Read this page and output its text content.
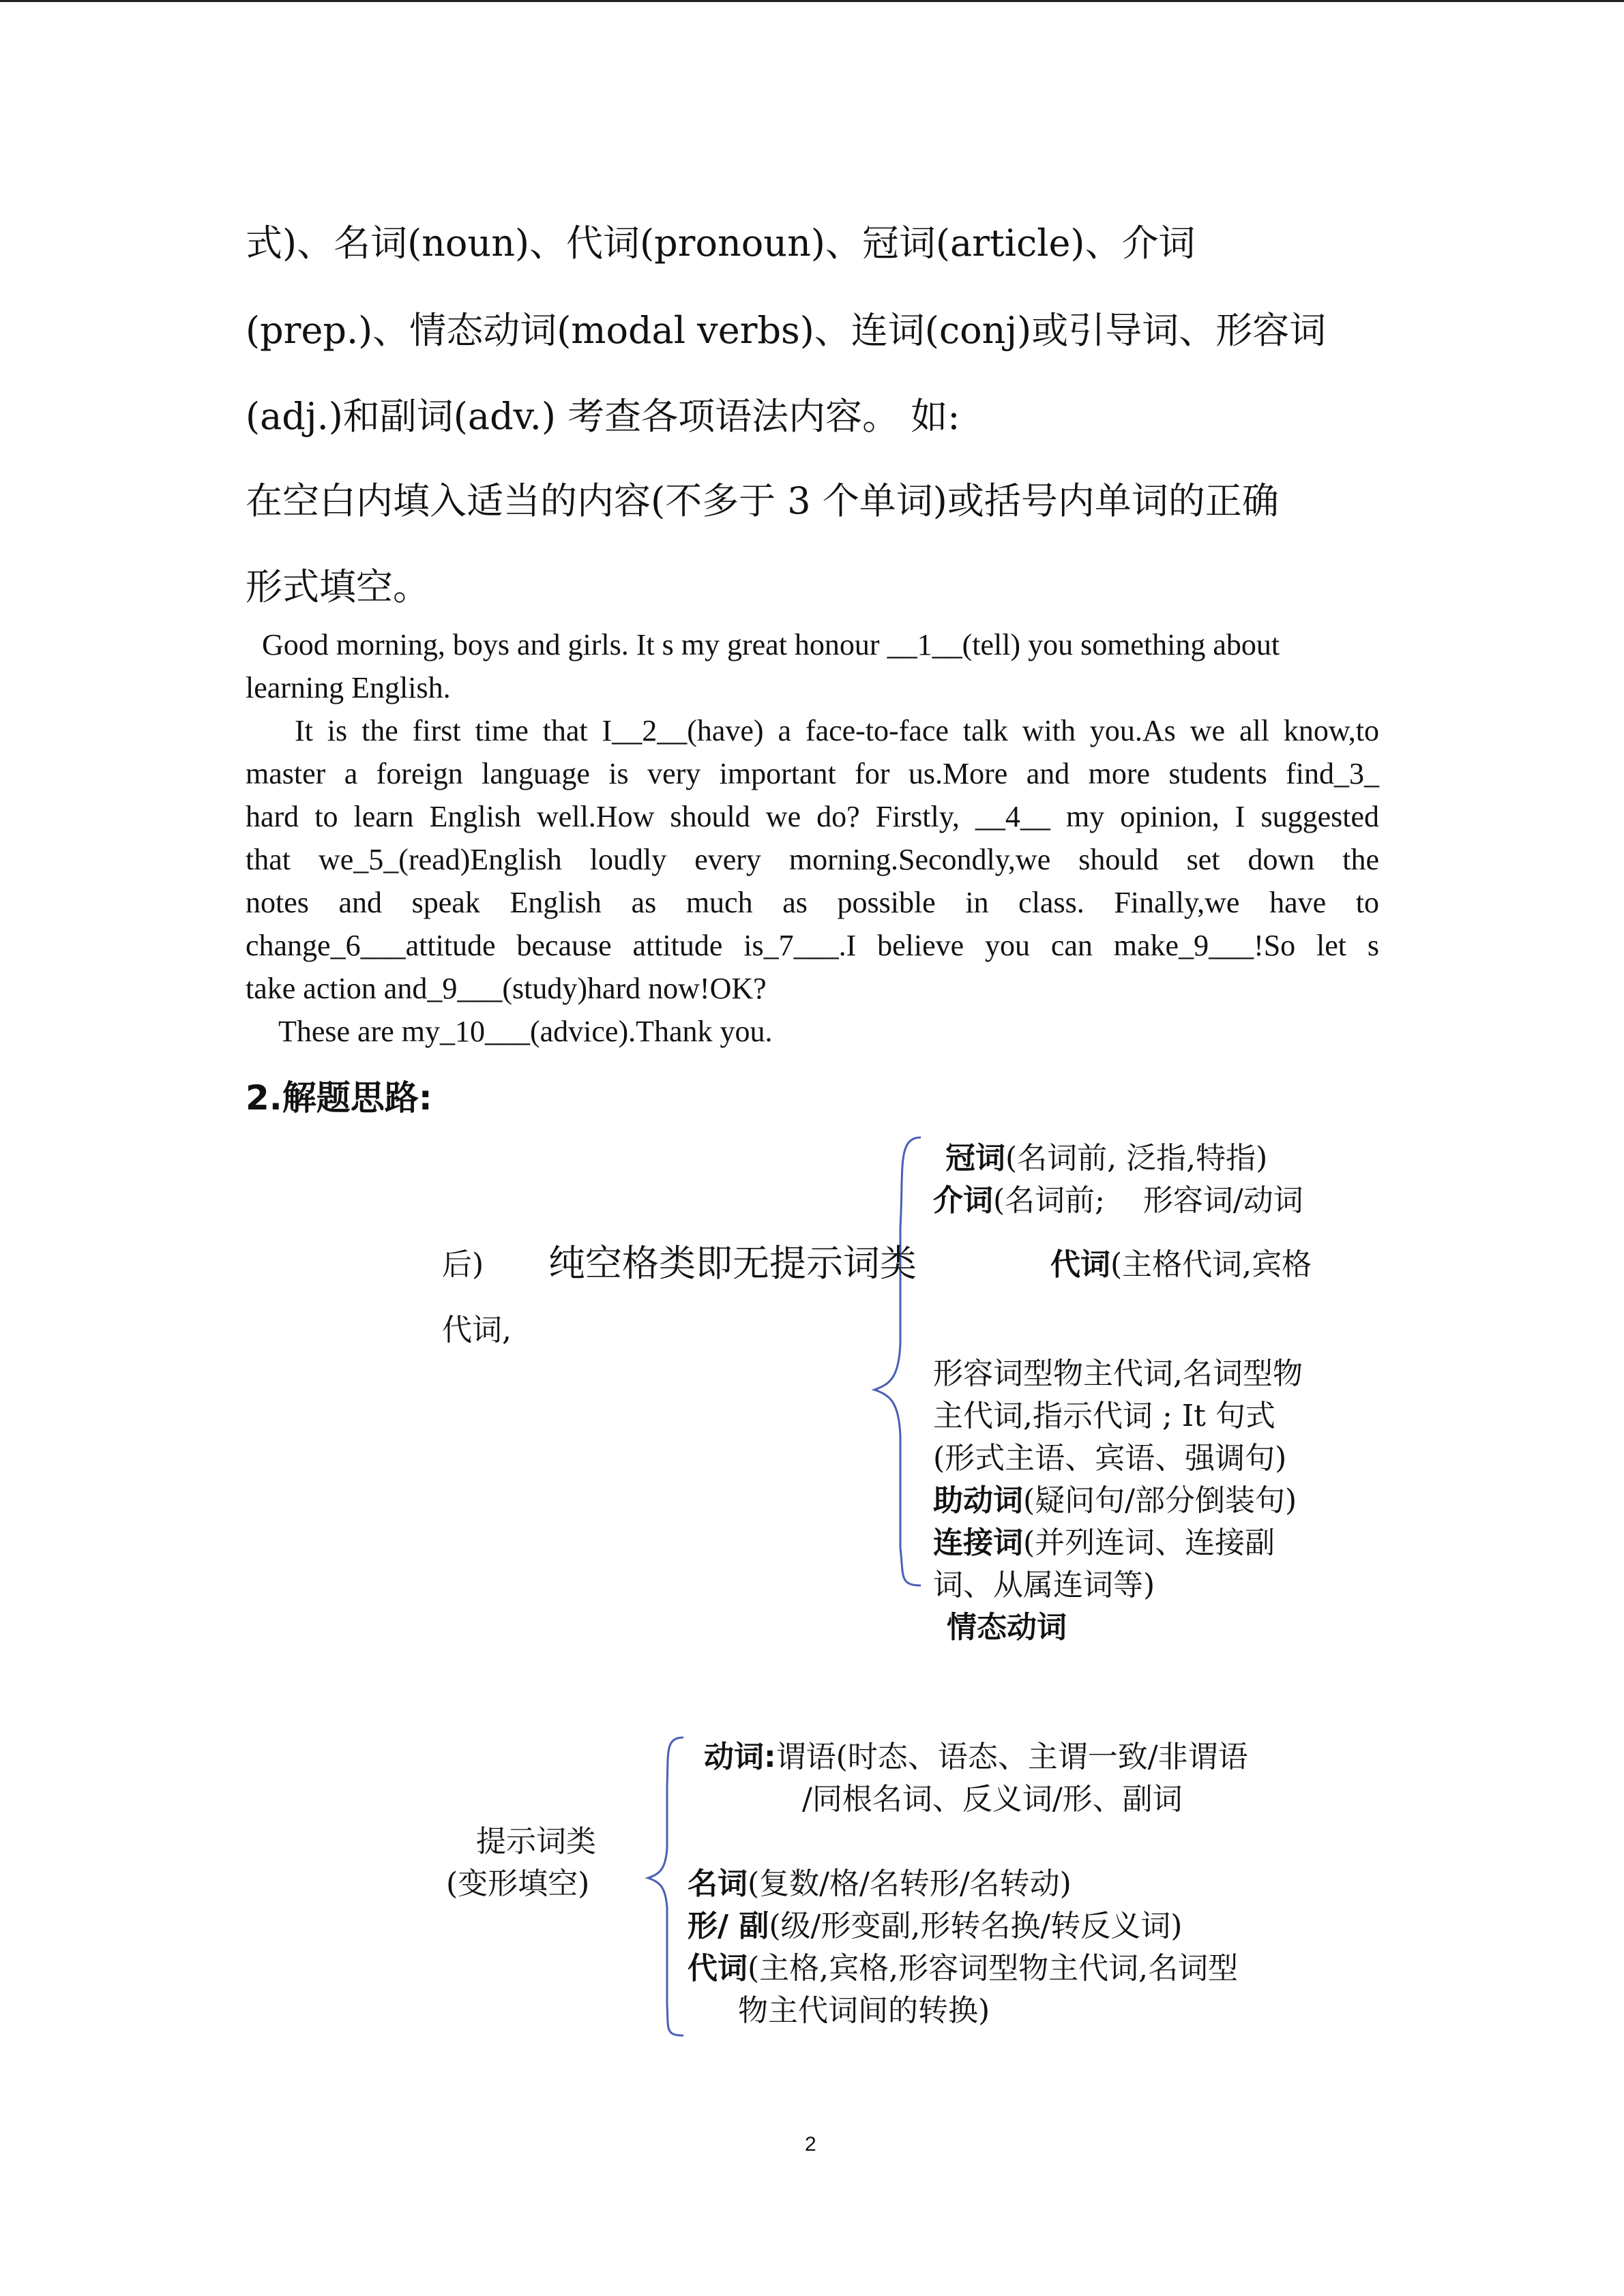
式)、名词(noun)、代词(pronoun)、冠词(article)、介词
(prep.)、情态动词(modal verbs)、连词(conj)或引导词、形容词
(adj.)和副词(adv.) 考查各项语法内容。 如:
在空白内填入适当的内容(不多于 3 个单词)或括号内单词的正确
形式填空。
Good morning, boys and girls. It s my great honour __1__(tell) you something about
learning English.
It is the first time that I__2__(have) a face-to-face talk with you.As we all know,to
master a foreign language is very important for us.More and more students find_3_
hard to learn English well.How should we do? Firstly, __4__ my opinion, I suggested
that we_5_(read)English loudly every morning.Secondly,we should set down the
notes and speak English as much as possible in class. Finally,we have to
change_6___attitude because attitude is_7___.I believe you can make_9___!So let s
take action and_9___(study)hard now!OK?
These are my_10___(advice).Thank you.
2.解题思路:
冠词(名词前, 泛指,特指)
介词(名词前;    形容词/动词
后) 纯空格类即无提示词类	代词(主格代词,宾格
代词,
形容词型物主代词,名词型物
主代词,指示代词 ; It 句式
(形式主语、宾语、强调句)
助动词(疑问句/部分倒装句)
连接词(并列连词、连接副
词、从属连词等)
情态动词
动词:谓语(时态、语态、主谓一致/非谓语
/同根名词、反义词/形、副词
提示词类
(变形填空)	名词(复数/格/名转形/名转动)
形/ 副(级/形变副,形转名换/转反义词)
代词(主格,宾格,形容词型物主代词,名词型
物主代词间的转换)
2
